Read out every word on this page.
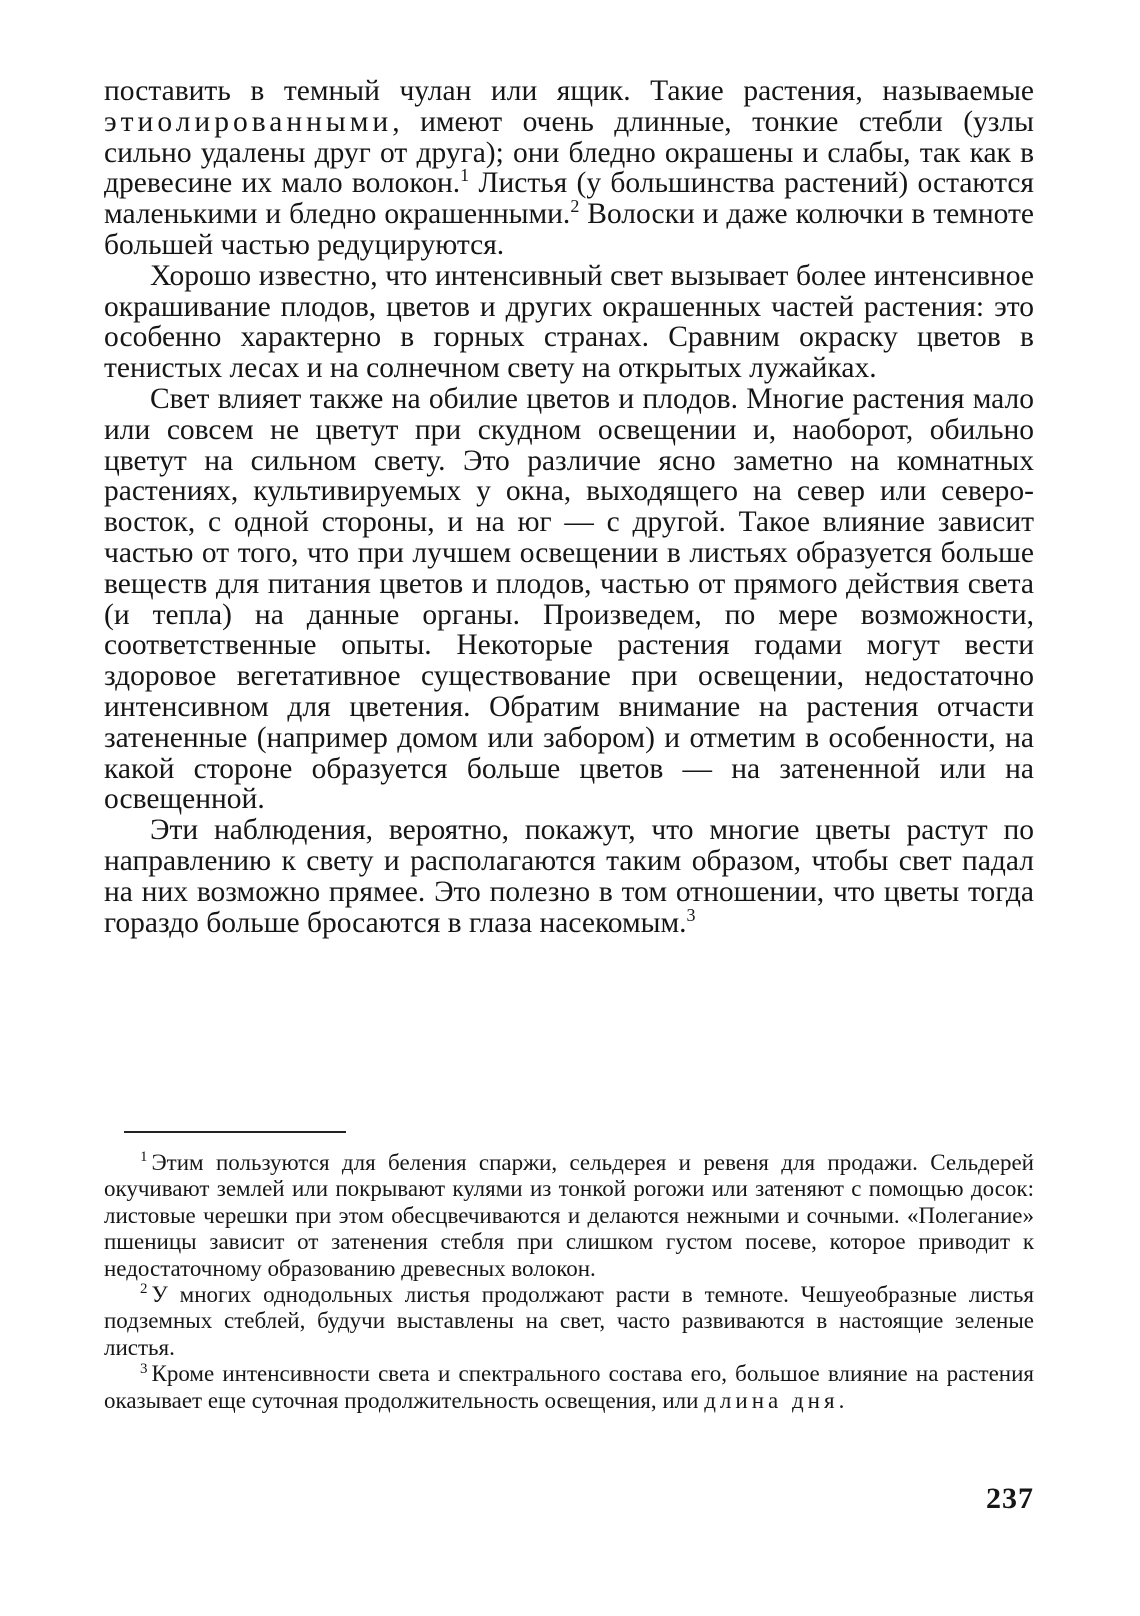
поставить в темный чулан или ящик. Такие растения, называемые этиолированными, имеют очень длинные, тонкие стебли (узлы сильно удалены друг от друга); они бледно окрашены и слабы, так как в древесине их мало волокон.$^1$ Листья (у большинства растений) остаются маленькими и бледно окрашенными.$^2$ Волоски и даже колючки в темноте большей частью редуцируются.

Хорошо известно, что интенсивный свет вызывает более интенсивное окрашивание плодов, цветов и других окрашенных частей растения: это особенно характерно в горных странах. Сравним окраску цветов в тенистых лесах и на солнечном свету на открытых лужайках.

Свет влияет также на обилие цветов и плодов. Многие растения мало или совсем не цветут при скудном освещении и, наоборот, обильно цветут на сильном свету. Это различие ясно заметно на комнатных растениях, культивируемых у окна, выходящего на север или северо-восток, с одной стороны, и на юг — с другой. Такое влияние зависит частью от того, что при лучшем освещении в листьях образуется больше веществ для питания цветов и плодов, частью от прямого действия света (и тепла) на данные органы. Произведем, по мере возможности, соответственные опыты. Некоторые растения годами могут вести здоровое вегетативное существование при освещении, недостаточно интенсивном для цветения. Обратим внимание на растения отчасти затененные (например домом или забором) и отметим в особенности, на какой стороне образуется больше цветов — на затененной или на освещенной.

Эти наблюдения, вероятно, покажут, что многие цветы растут по направлению к свету и располагаются таким образом, чтобы свет падал на них возможно прямее. Это полезно в том отношении, что цветы тогда гораздо больше бросаются в глаза насекомым.$^3$

$^1$ Этим пользуются для беления спаржи, сельдерея и ревеня для продажи. Сельдерей окучивают землей или покрывают кулями из тонкой рогожи или затеняют с помощью досок: листовые черешки при этом обесцвечиваются и делаются нежными и сочными. «Полегание» пшеницы зависит от затенения стебля при слишком густом посеве, которое приводит к недостаточному образованию древесных волокон.

$^2$ У многих однодольных листья продолжают расти в темноте. Чешуеобразные листья подземных стеблей, будучи выставлены на свет, часто развиваются в настоящие зеленые листья.

$^3$ Кроме интенсивности света и спектрального состава его, большое влияние на растения оказывает еще суточная продолжительность освещения, или длина дня.

237
